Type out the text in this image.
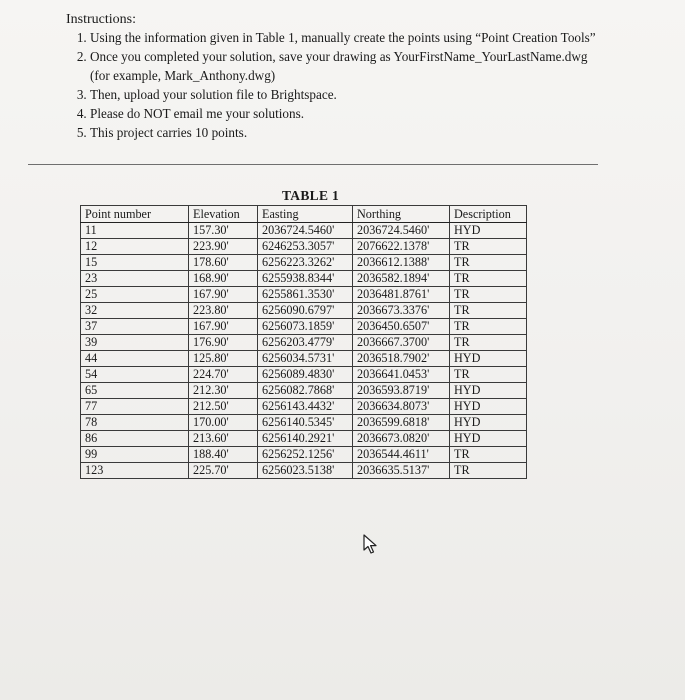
Instructions:
1. Using the information given in Table 1, manually create the points using “Point Creation Tools”
2. Once you completed your solution, save your drawing as YourFirstName_YourLastName.dwg (for example, Mark_Anthony.dwg)
3. Then, upload your solution file to Brightspace.
4. Please do NOT email me your solutions.
5. This project carries 10 points.
TABLE 1
Point number	Elevation	Easting	Northing	Description
11	157.30'	2036724.5460'	2036724.5460'	HYD
12	223.90'	6246253.3057'	2076622.1378'	TR
15	178.60'	6256223.3262'	2036612.1388'	TR
23	168.90'	6255938.8344'	2036582.1894'	TR
25	167.90'	6255861.3530'	2036481.8761'	TR
32	223.80'	6256090.6797'	2036673.3376'	TR
37	167.90'	6256073.1859'	2036450.6507'	TR
39	176.90'	6256203.4779'	2036667.3700'	TR
44	125.80'	6256034.5731'	2036518.7902'	HYD
54	224.70'	6256089.4830'	2036641.0453'	TR
65	212.30'	6256082.7868'	2036593.8719'	HYD
77	212.50'	6256143.4432'	2036634.8073'	HYD
78	170.00'	6256140.5345'	2036599.6818'	HYD
86	213.60'	6256140.2921'	2036673.0820'	HYD
99	188.40'	6256252.1256'	2036544.4611'	TR
123	225.70'	6256023.5138'	2036635.5137'	TR
